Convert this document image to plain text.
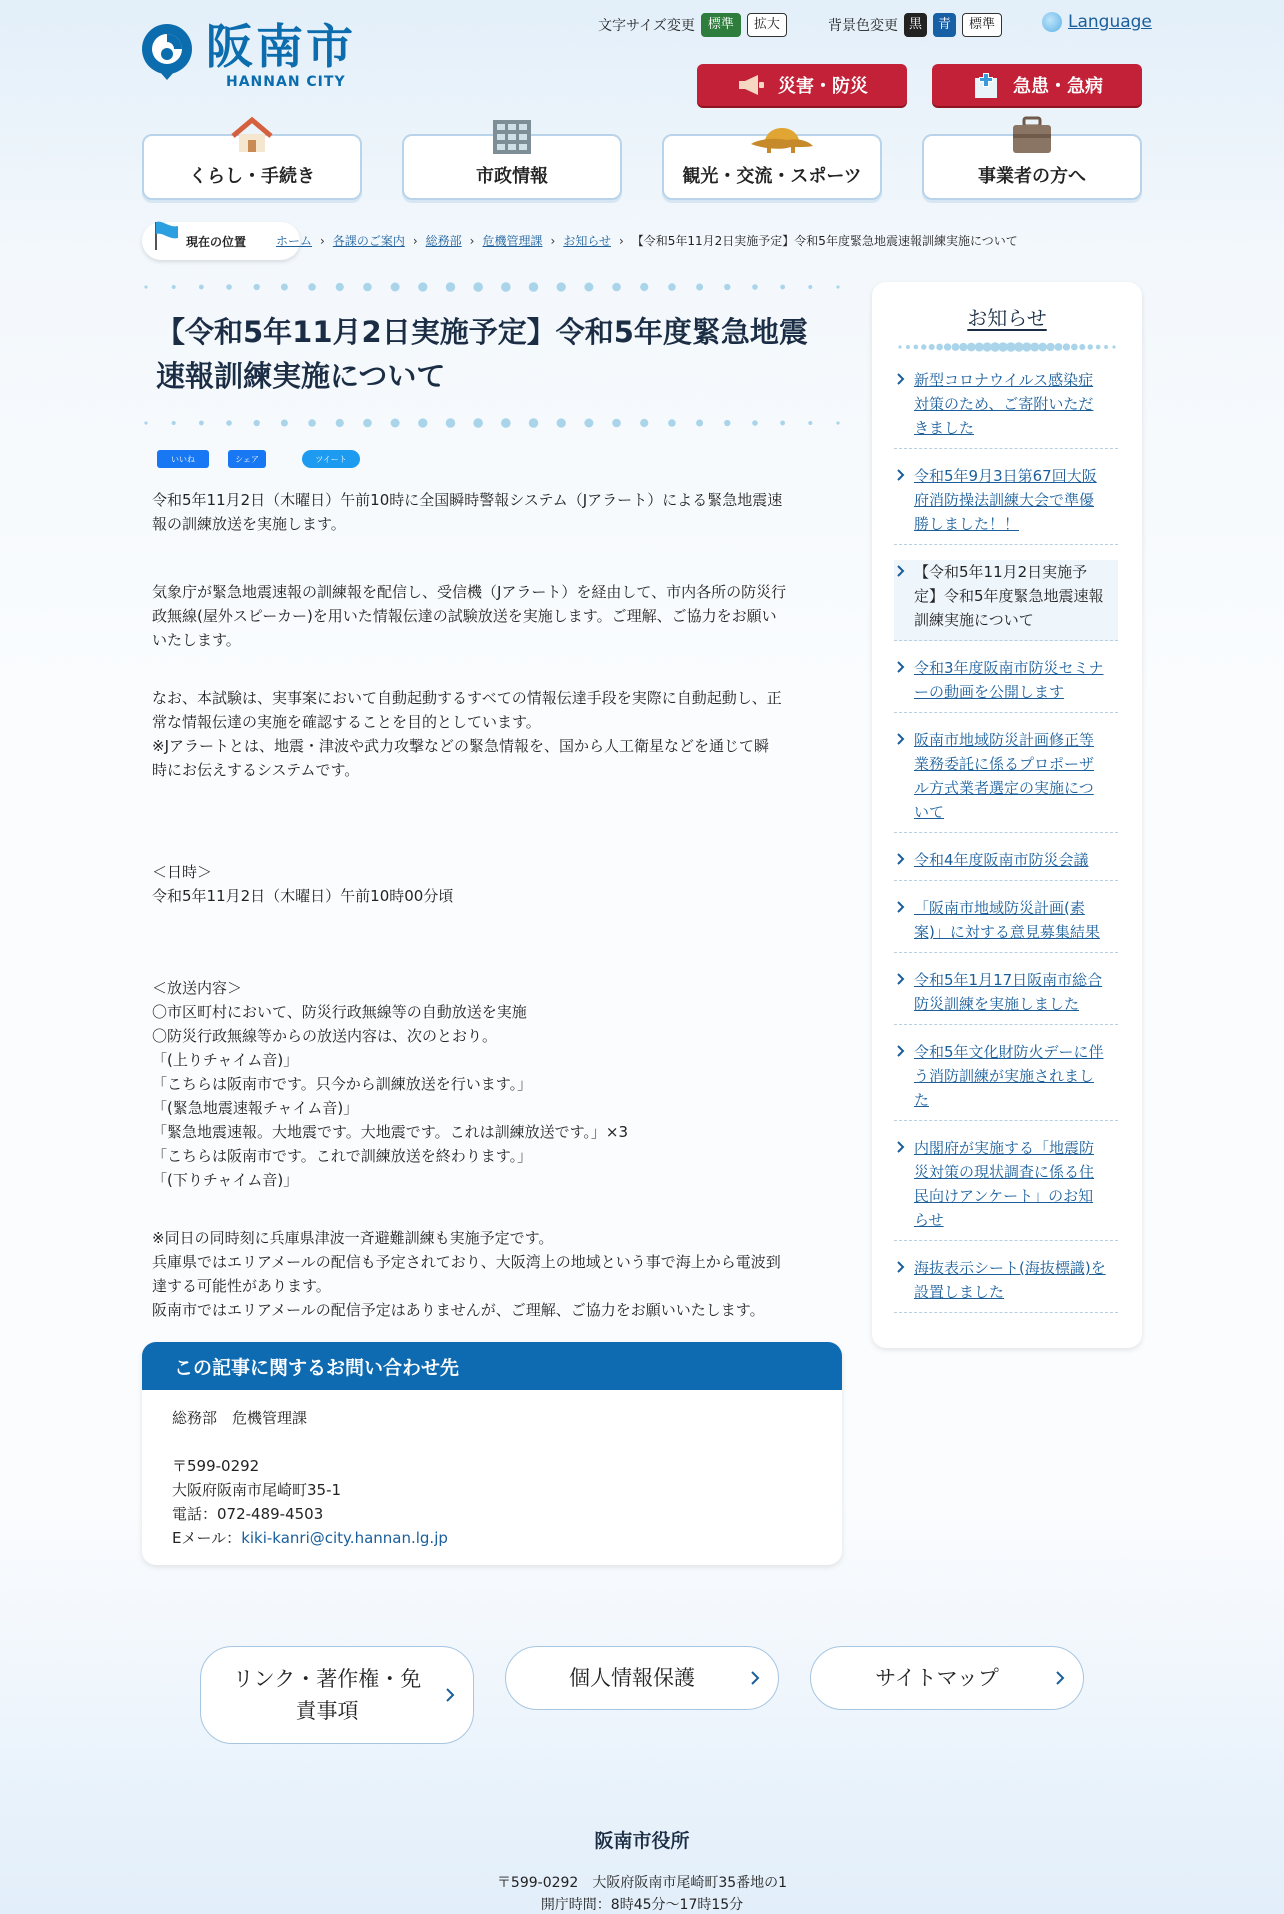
阪南市
HANNAN CITY
文字サイズ変更	標準	拡大	背景色変更 黒	青	標準	Language
災害・防災	急患・急病
くらし・手続き	市政情報	観光・交流・スポーツ	事業者の方へ
現在の位置 ホーム › 各課のご案内 › 総務部 › 危機管理課 › お知らせ › 【令和5年11月2日実施予定】令和5年度緊急地震速報訓練実施について
【令和5年11月2日実施予定】令和5年度緊急地震
速報訓練実施について
いいね	シェア	ツイート

令和5年11月2日（木曜日）午前10時に全国瞬時警報システム（Jアラート）による緊急地震速

報の訓練放送を実施します。

気象庁が緊急地震速報の訓練報を配信し、受信機（Jアラート）を経由して、市内各所の防災行

政無線(屋外スピーカー)を用いた情報伝達の試験放送を実施します。ご理解、ご協力をお願い

いたします。

なお、本試験は、実事案において自動起動するすべての情報伝達手段を実際に自動起動し、正

常な情報伝達の実施を確認することを目的としています。

※Jアラートとは、地震・津波や武力攻撃などの緊急情報を、国から人工衛星などを通じて瞬

時にお伝えするシステムです。

＜日時＞

令和5年11月2日（木曜日）午前10時00分頃

＜放送内容＞

〇市区町村において、防災行政無線等の自動放送を実施

〇防災行政無線等からの放送内容は、次のとおり。

「(上りチャイム音)」

「こちらは阪南市です。只今から訓練放送を行います。」

「(緊急地震速報チャイム音)」

「緊急地震速報。大地震です。大地震です。これは訓練放送です。」×3

「こちらは阪南市です。これで訓練放送を終わります。」

「(下りチャイム音)」

※同日の同時刻に兵庫県津波一斉避難訓練も実施予定です。

兵庫県ではエリアメールの配信も予定されており、大阪湾上の地域という事で海上から電波到

達する可能性があります。

阪南市ではエリアメールの配信予定はありませんが、ご理解、ご協力をお願いいたします。

この記事に関するお問い合わせ先
総務部　危機管理課
〒599-0292
大阪府阪南市尾崎町35-1
電話：072-489-4503
Eメール：kiki-kanri@city.hannan.lg.jp
お知らせ
新型コロナウイルス感染症
対策のため、ご寄附いただ
きました
令和5年9月3日第67回大阪
府消防操法訓練大会で準優
勝しました！！
【令和5年11月2日実施予
定】令和5年度緊急地震速報
訓練実施について
令和3年度阪南市防災セミナ
ーの動画を公開します
阪南市地域防災計画修正等
業務委託に係るプロポーザ
ル方式業者選定の実施につ
いて
令和4年度阪南市防災会議
「阪南市地域防災計画(素
案)」に対する意見募集結果
令和5年1月17日阪南市総合
防災訓練を実施しました
令和5年文化財防火デーに伴
う消防訓練が実施されまし
た
内閣府が実施する「地震防
災対策の現状調査に係る住
民向けアンケート」のお知
らせ
海抜表示シート(海抜標識)を
設置しました
リンク・著作権・免
責事項
個人情報保護	サイトマップ
阪南市役所
〒599-0292　大阪府阪南市尾崎町35番地の1
開庁時間：8時45分～17時15分
